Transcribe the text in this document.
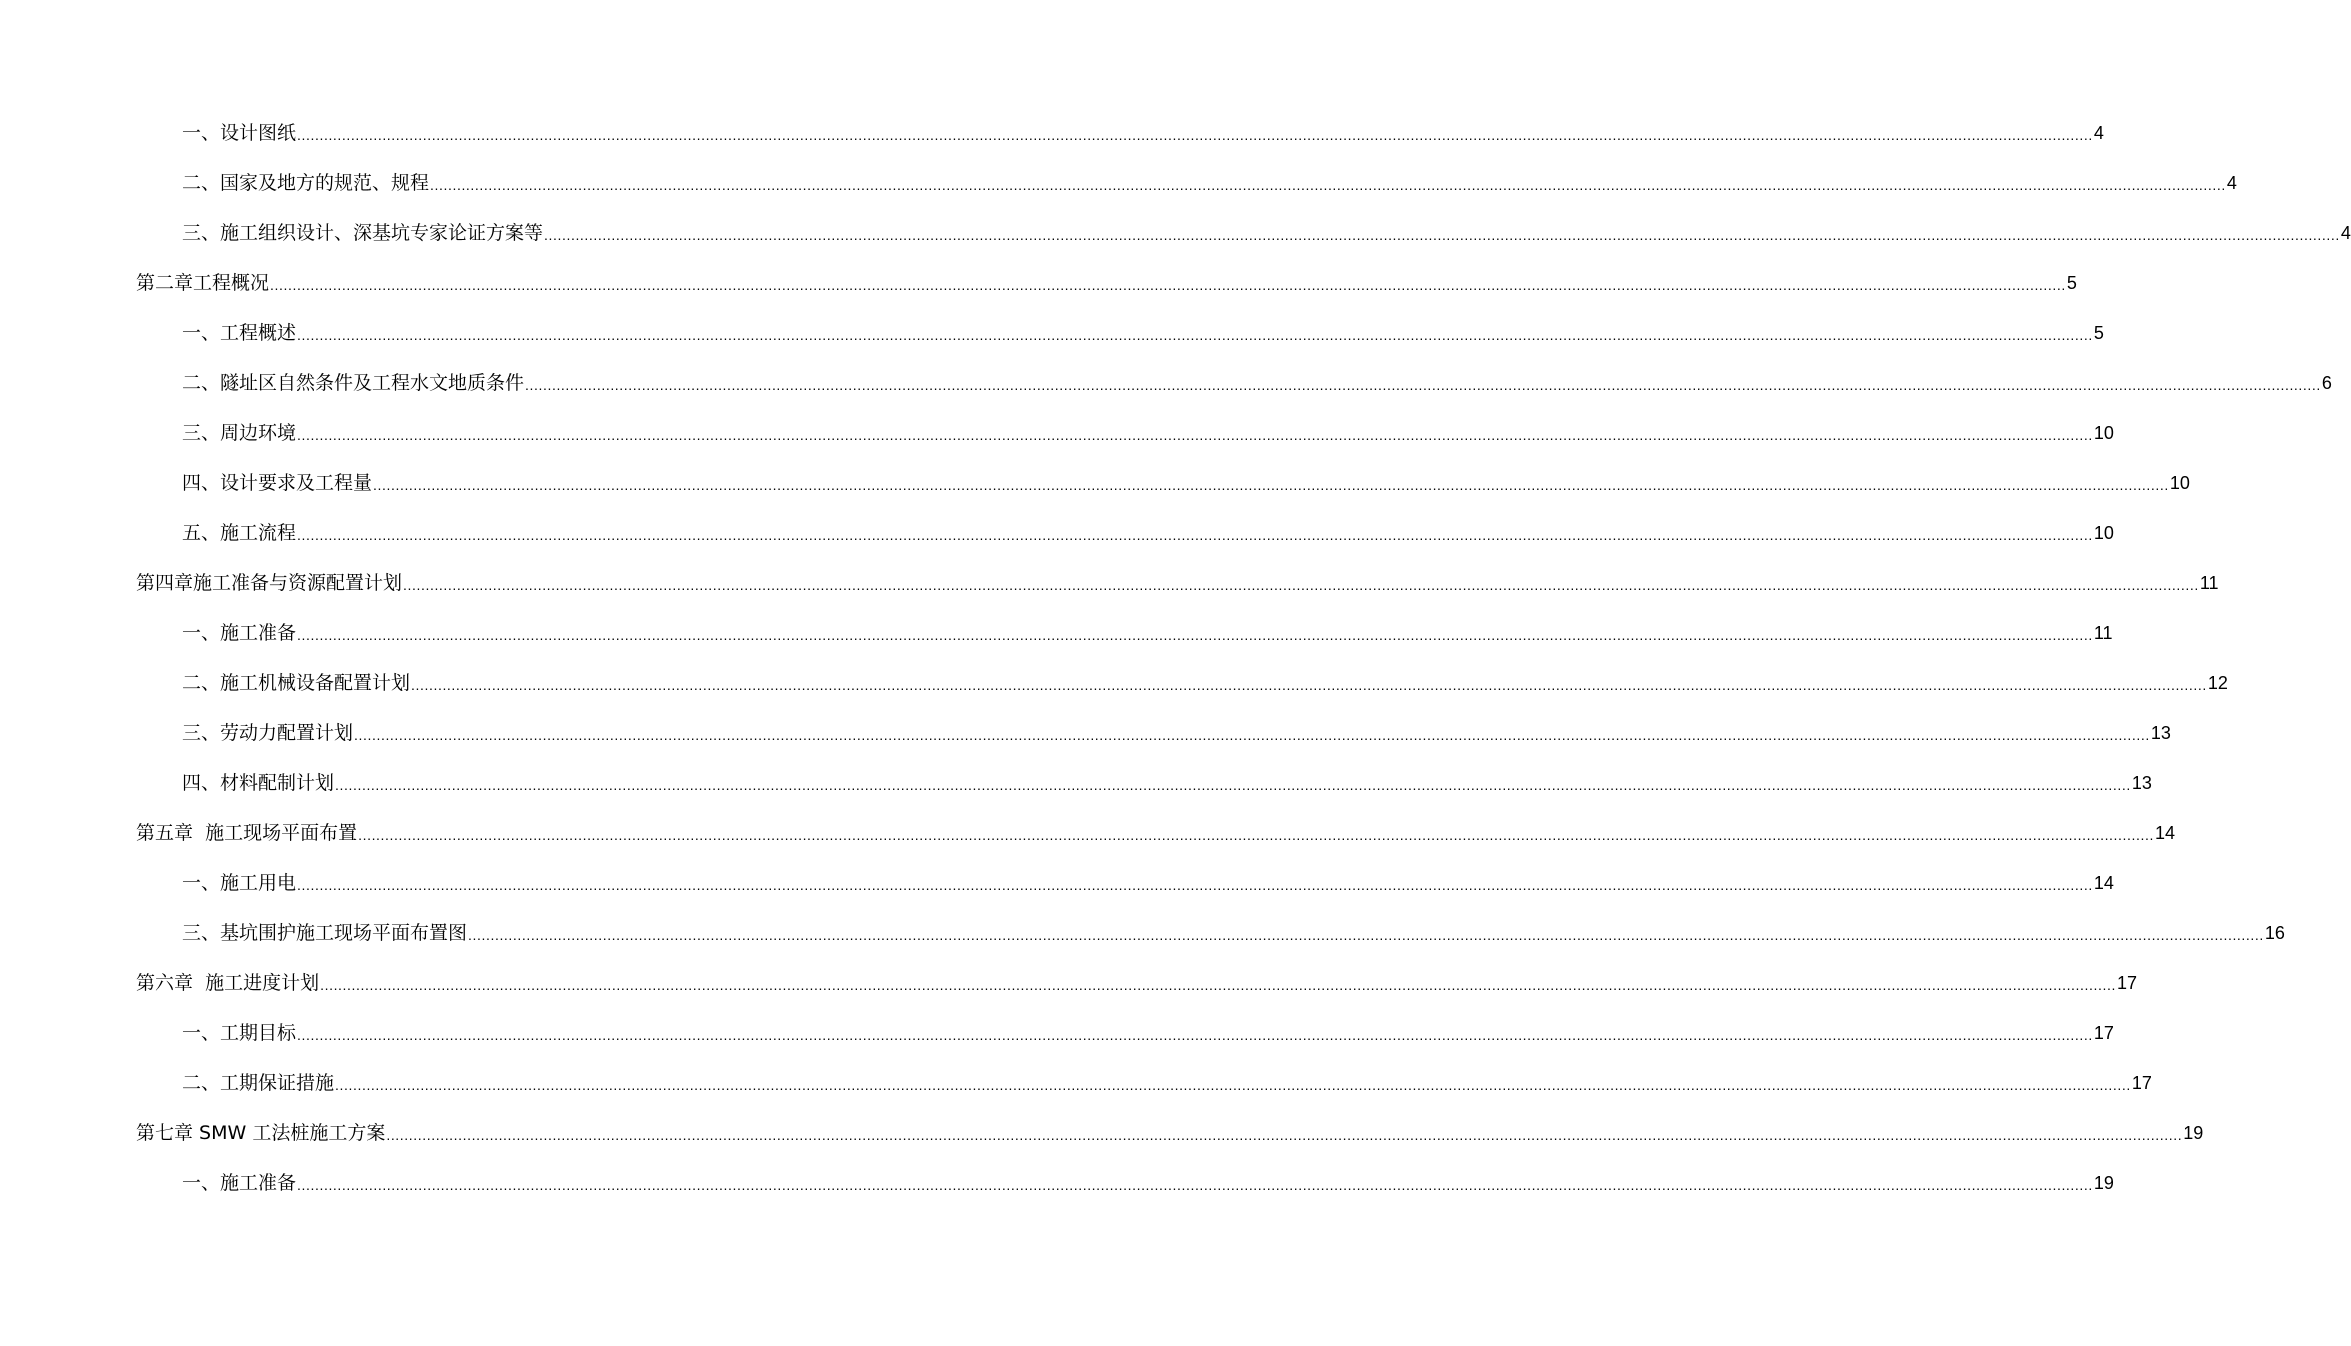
一、设计图纸 ................................................................................................................................................................................................................................................................................................................................................................................................................ 4
二、国家及地方的规范、规程 ................................................................................................................................................................................................................................................................................................................................................................................................................ 4
三、施工组织设计、深基坑专家论证方案等 ................................................................................................................................................................................................................................................................................................................................................................................................................ 4
第二章工程概况 ................................................................................................................................................................................................................................................................................................................................................................................................................ 5
一、工程概述 ................................................................................................................................................................................................................................................................................................................................................................................................................ 5
二、隧址区自然条件及工程水文地质条件 ................................................................................................................................................................................................................................................................................................................................................................................................................ 6
三、周边环境 ................................................................................................................................................................................................................................................................................................................................................................................................................ 10
四、设计要求及工程量 ................................................................................................................................................................................................................................................................................................................................................................................................................ 10
五、施工流程 ................................................................................................................................................................................................................................................................................................................................................................................................................ 10
第四章施工准备与资源配置计划 ................................................................................................................................................................................................................................................................................................................................................................................................................ 11
一、施工准备 ................................................................................................................................................................................................................................................................................................................................................................................................................ 11
二、施工机械设备配置计划 ................................................................................................................................................................................................................................................................................................................................................................................................................ 12
三、劳动力配置计划 ................................................................................................................................................................................................................................................................................................................................................................................................................ 13
四、材料配制计划 ................................................................................................................................................................................................................................................................................................................................................................................................................ 13
第五章  施工现场平面布置 ................................................................................................................................................................................................................................................................................................................................................................................................................ 14
一、施工用电 ................................................................................................................................................................................................................................................................................................................................................................................................................ 14
三、基坑围护施工现场平面布置图 ................................................................................................................................................................................................................................................................................................................................................................................................................ 16
第六章  施工进度计划 ................................................................................................................................................................................................................................................................................................................................................................................................................ 17
一、工期目标 ................................................................................................................................................................................................................................................................................................................................................................................................................ 17
二、工期保证措施 ................................................................................................................................................................................................................................................................................................................................................................................................................ 17
第七章 SMW 工法桩施工方案 ................................................................................................................................................................................................................................................................................................................................................................................................................ 19
一、施工准备 ................................................................................................................................................................................................................................................................................................................................................................................................................ 19
